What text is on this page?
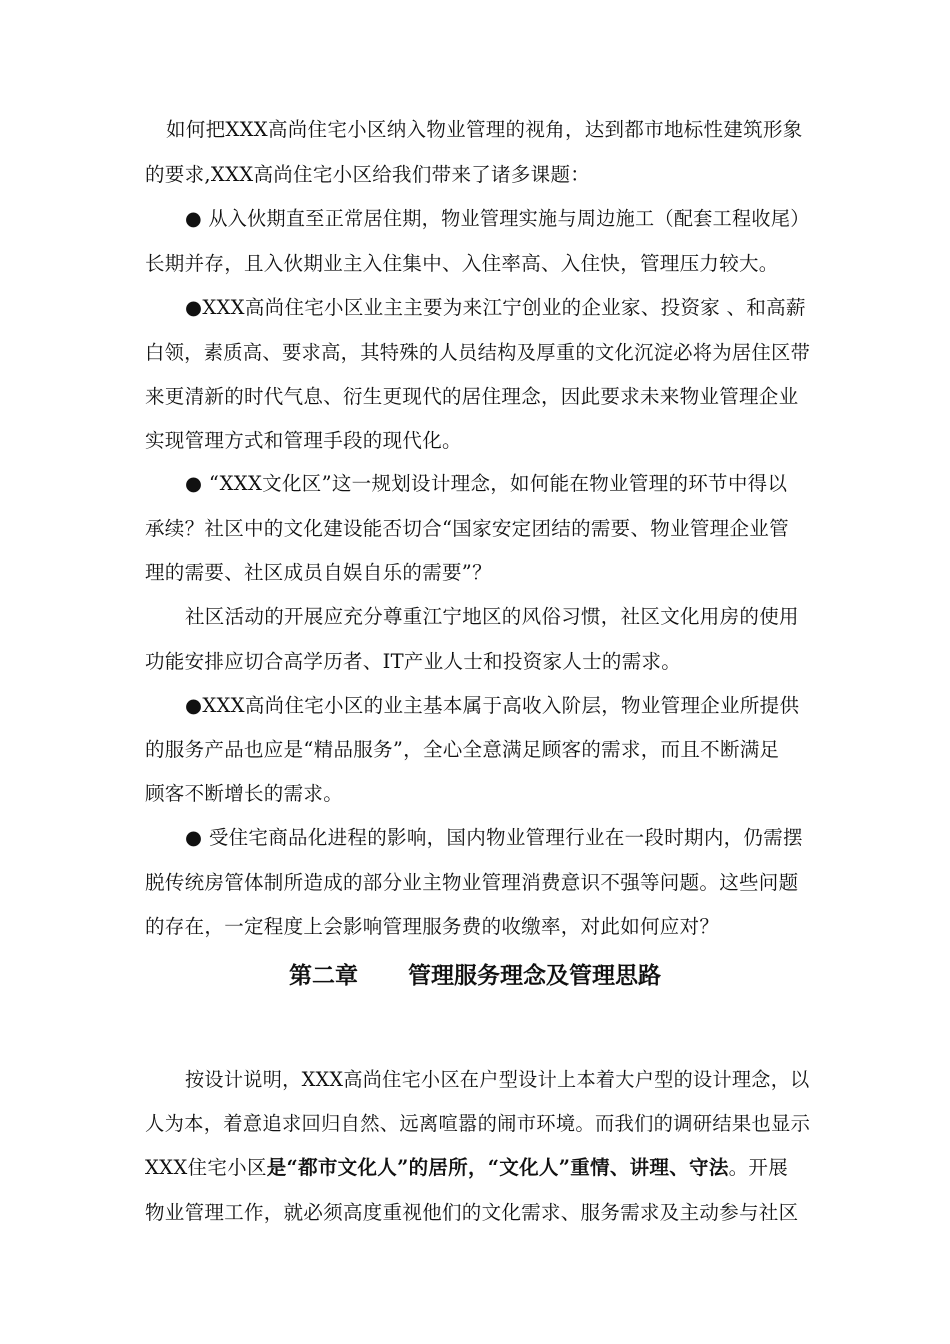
如何把XXX高尚住宅小区纳入物业管理的视角，达到都市地标性建筑形象
的要求,XXX高尚住宅小区给我们带来了诸多课题：
● 从入伙期直至正常居住期，物业管理实施与周边施工（配套工程收尾）
长期并存，且入伙期业主入住集中、入住率高、入住快，管理压力较大。
●XXX高尚住宅小区业主主要为来江宁创业的企业家、投资家 、和高薪
白领，素质高、要求高，其特殊的人员结构及厚重的文化沉淀必将为居住区带
来更清新的时代气息、衍生更现代的居住理念，因此要求未来物业管理企业
实现管理方式和管理手段的现代化。
● “XXX文化区”这一规划设计理念，如何能在物业管理的环节中得以
承续？社区中的文化建设能否切合“国家安定团结的需要、物业管理企业管
理的需要、社区成员自娱自乐的需要”？
社区活动的开展应充分尊重江宁地区的风俗习惯，社区文化用房的使用
功能安排应切合高学历者、IT产业人士和投资家人士的需求。
●XXX高尚住宅小区的业主基本属于高收入阶层，物业管理企业所提供
的服务产品也应是“精品服务”，全心全意满足顾客的需求，而且不断满足
顾客不断增长的需求。
● 受住宅商品化进程的影响，国内物业管理行业在一段时期内，仍需摆
脱传统房管体制所造成的部分业主物业管理消费意识不强等问题。这些问题
的存在，一定程度上会影响管理服务费的收缴率，对此如何应对？
第二章 管理服务理念及管理思路
按设计说明，XXX高尚住宅小区在户型设计上本着大户型的设计理念，以
人为本，着意追求回归自然、远离喧嚣的闹市环境。而我们的调研结果也显示
XXX住宅小区是“都市文化人”的居所，“文化人”重情、讲理、守法。开展
物业管理工作，就必须高度重视他们的文化需求、服务需求及主动参与社区
